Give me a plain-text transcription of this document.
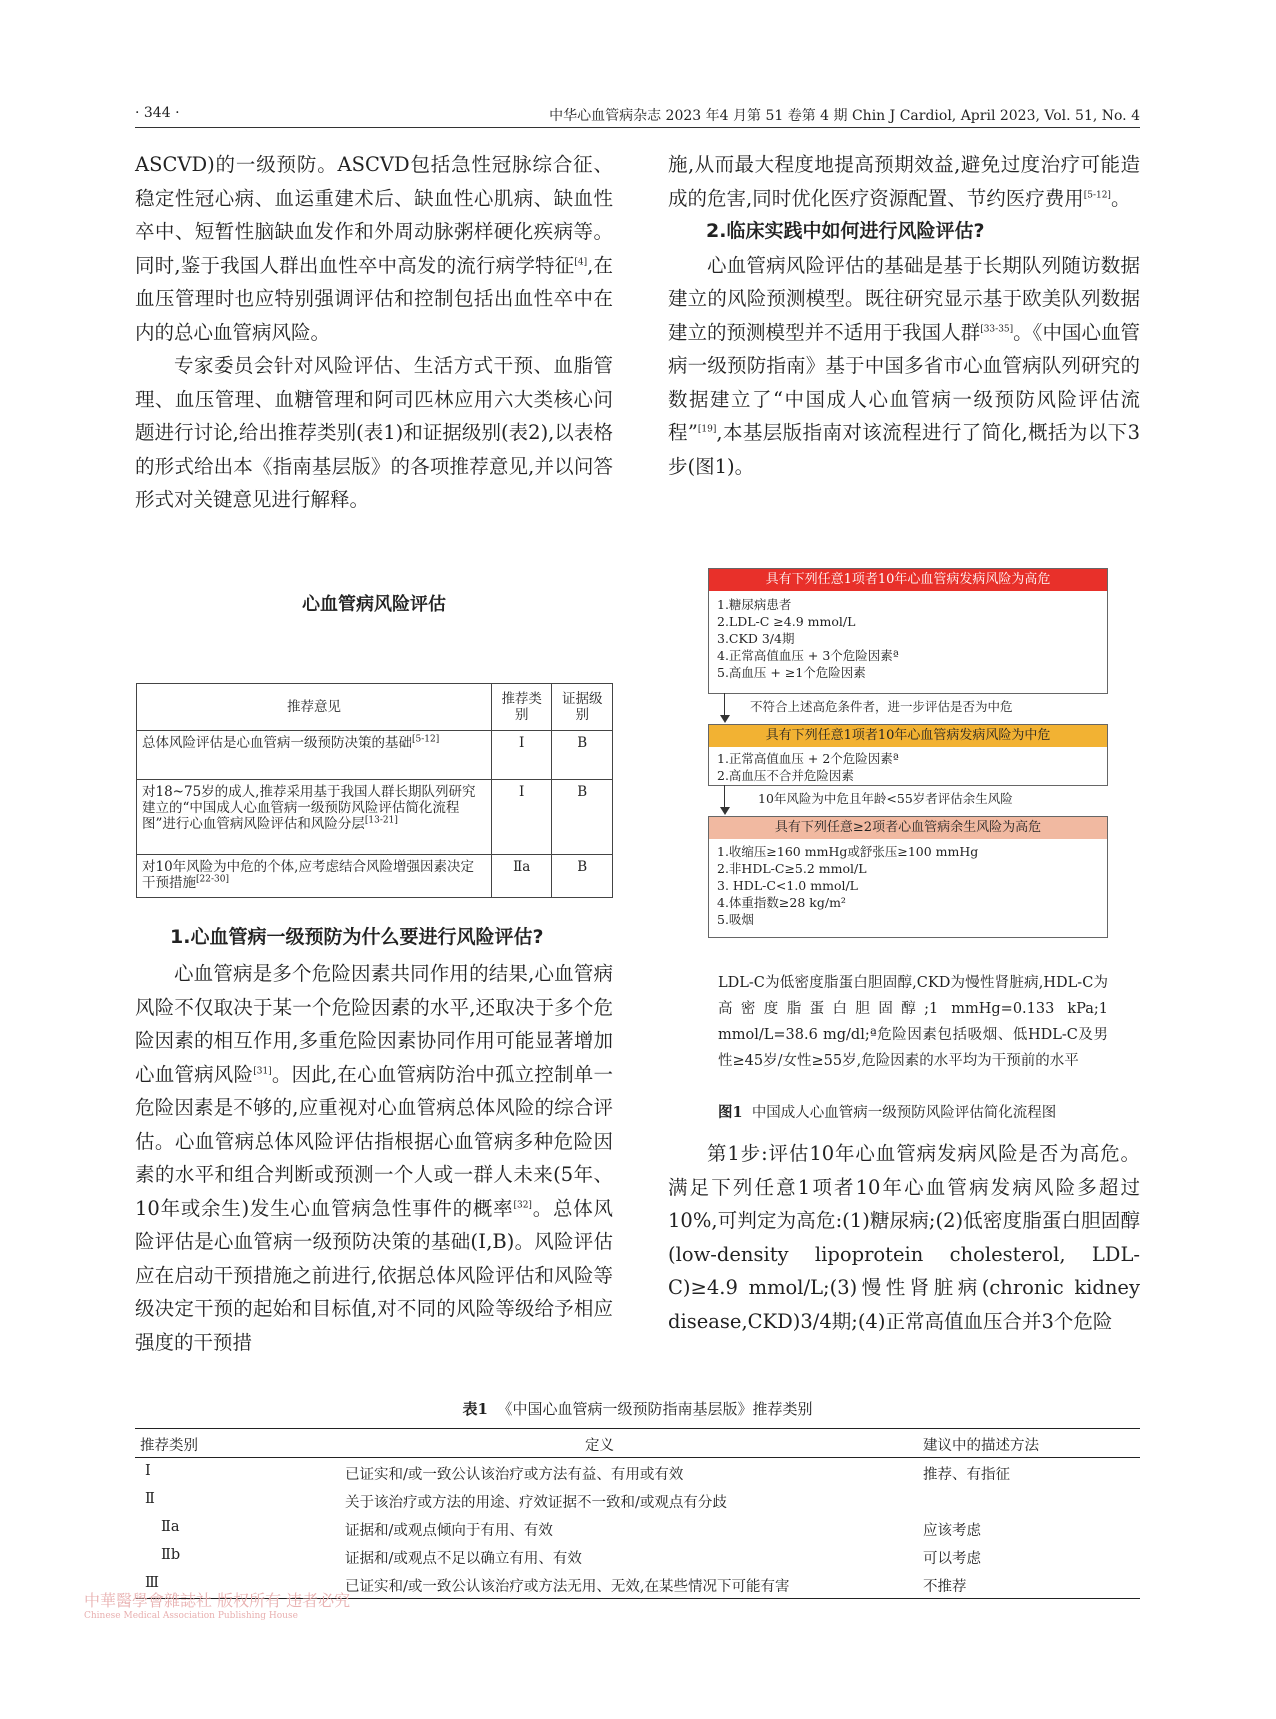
· 344 ·	中华心血管病杂志 2023 年4 月第 51 卷第 4 期 Chin J Cardiol, April 2023, Vol. 51, No. 4

ASCVD)的一级预防。ASCVD包括急性冠脉综合征、稳定性冠心病、血运重建术后、缺血性心肌病、缺血性卒中、短暂性脑缺血发作和外周动脉粥样硬化疾病等。同时,鉴于我国人群出血性卒中高发的流行病学特征[4],在血压管理时也应特别强调评估和控制包括出血性卒中在内的总心血管病风险。

专家委员会针对风险评估、生活方式干预、血脂管理、血压管理、血糖管理和阿司匹林应用六大类核心问题进行讨论,给出推荐类别(表1)和证据级别(表2),以表格的形式给出本《指南基层版》的各项推荐意见,并以问答形式对关键意见进行解释。

心血管病风险评估
推荐意见	推荐类别	证据级别
总体风险评估是心血管病一级预防决策的基础[5-12]	Ⅰ	B
对18~75岁的成人,推荐采用基于我国人群长期队列研究建立的“中国成人心血管病一级预防风险评估简化流程图”进行心血管病风险评估和风险分层[13-21]	Ⅰ	B
对10年风险为中危的个体,应考虑结合风险增强因素决定干预措施[22-30]	Ⅱa	B
1.心血管病一级预防为什么要进行风险评估?

心血管病是多个危险因素共同作用的结果,心血管病风险不仅取决于某一个危险因素的水平,还取决于多个危险因素的相互作用,多重危险因素协同作用可能显著增加心血管病风险[31]。因此,在心血管病防治中孤立控制单一危险因素是不够的,应重视对心血管病总体风险的综合评估。心血管病总体风险评估指根据心血管病多种危险因素的水平和组合判断或预测一个人或一群人未来(5年、10年或余生)发生心血管病急性事件的概率[32]。总体风险评估是心血管病一级预防决策的基础(Ⅰ,B)。风险评估应在启动干预措施之前进行,依据总体风险评估和风险等级决定干预的起始和目标值,对不同的风险等级给予相应强度的干预措

施,从而最大程度地提高预期效益,避免过度治疗可能造成的危害,同时优化医疗资源配置、节约医疗费用[5-12]。

2.临床实践中如何进行风险评估?

心血管病风险评估的基础是基于长期队列随访数据建立的风险预测模型。既往研究显示基于欧美队列数据建立的预测模型并不适用于我国人群[33-35]。《中国心血管病一级预防指南》基于中国多省市心血管病队列研究的数据建立了“中国成人心血管病一级预防风险评估流程”[19],本基层版指南对该流程进行了简化,概括为以下3步(图1)。

具有下列任意1项者10年心血管病发病风险为高危
1.糖尿病患者
2.LDL-C ≥4.9 mmol/L
3.CKD 3/4期
4.正常高值血压 + 3个危险因素ª
5.高血压 + ≥1个危险因素
不符合上述高危条件者，进一步评估是否为中危
具有下列任意1项者10年心血管病发病风险为中危
1.正常高值血压 + 2个危险因素ª
2.高血压不合并危险因素
10年风险为中危且年龄<55岁者评估余生风险
具有下列任意≥2项者心血管病余生风险为高危
1.收缩压≥160 mmHg或舒张压≥100 mmHg
2.非HDL-C≥5.2 mmol/L
3. HDL-C<1.0 mmol/L
4.体重指数≥28 kg/m²
5.吸烟
LDL-C为低密度脂蛋白胆固醇,CKD为慢性肾脏病,HDL-C为高密度脂蛋白胆固醇;1 mmHg=0.133 kPa;1 mmol/L=38.6 mg/dl;ª危险因素包括吸烟、低HDL-C及男性≥45岁/女性≥55岁,危险因素的水平均为干预前的水平
图1 中国成人心血管病一级预防风险评估简化流程图

第1步:评估10年心血管病发病风险是否为高危。满足下列任意1项者10年心血管病发病风险多超过10%,可判定为高危:(1)糖尿病;(2)低密度脂蛋白胆固醇(low-density lipoprotein cholesterol, LDL-C)≥4.9 mmol/L;(3)慢性肾脏病(chronic kidney disease,CKD)3/4期;(4)正常高值血压合并3个危险

表1 《中国心血管病一级预防指南基层版》推荐类别
推荐类别	定义	建议中的描述方法
Ⅰ	已证实和/或一致公认该治疗或方法有益、有用或有效	推荐、有指征
Ⅱ	关于该治疗或方法的用途、疗效证据不一致和/或观点有分歧
Ⅱa	证据和/或观点倾向于有用、有效	应该考虑
Ⅱb	证据和/或观点不足以确立有用、有效	可以考虑
Ⅲ	已证实和/或一致公认该治疗或方法无用、无效,在某些情况下可能有害	不推荐
中華醫學會雜誌社 版权所有 违者必究
Chinese Medical Association Publishing House
